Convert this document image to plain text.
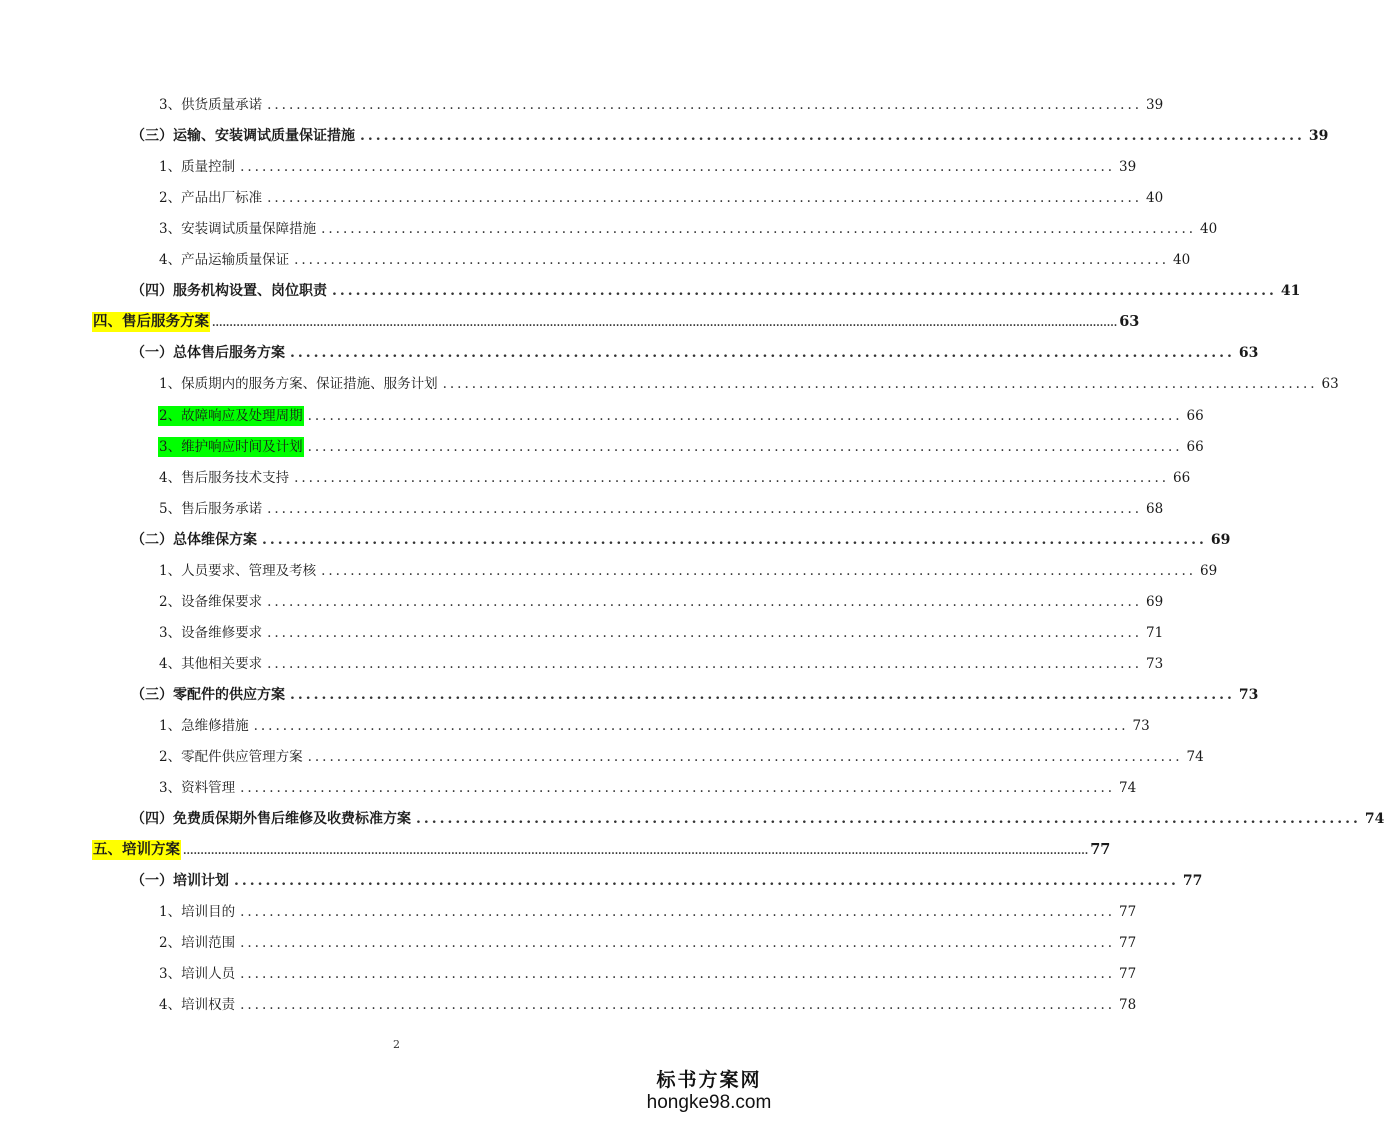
3、供货质量承诺 ........................................................................................................................ 39
（三）运输、安装调试质量保证措施 ........................................................................................................................ 39
1、质量控制 ........................................................................................................................ 39
2、产品出厂标准 ........................................................................................................................ 40
3、安装调试质量保障措施 ........................................................................................................................ 40
4、产品运输质量保证 ........................................................................................................................ 40
（四）服务机构设置、岗位职责 ........................................................................................................................ 41
四、售后服务方案 .................................................................................................................................................................................................................................................................... 63
（一）总体售后服务方案 ........................................................................................................................ 63
1、保质期内的服务方案、保证措施、服务计划 ........................................................................................................................ 63
2、故障响应及处理周期 ........................................................................................................................ 66
3、维护响应时间及计划 ........................................................................................................................ 66
4、售后服务技术支持 ........................................................................................................................ 66
5、售后服务承诺 ........................................................................................................................ 68
（二）总体维保方案 ........................................................................................................................ 69
1、人员要求、管理及考核 ........................................................................................................................ 69
2、设备维保要求 ........................................................................................................................ 69
3、设备维修要求 ........................................................................................................................ 71
4、其他相关要求 ........................................................................................................................ 73
（三）零配件的供应方案 ........................................................................................................................ 73
1、急维修措施 ........................................................................................................................ 73
2、零配件供应管理方案 ........................................................................................................................ 74
3、资料管理 ........................................................................................................................ 74
（四）免费质保期外售后维修及收费标准方案 ........................................................................................................................ 74
五、培训方案 .................................................................................................................................................................................................................................................................... 77
（一）培训计划 ........................................................................................................................ 77
1、培训目的 ........................................................................................................................ 77
2、培训范围 ........................................................................................................................ 77
3、培训人员 ........................................................................................................................ 77
4、培训权责 ........................................................................................................................ 78
2
标书方案网
hongke98.com
